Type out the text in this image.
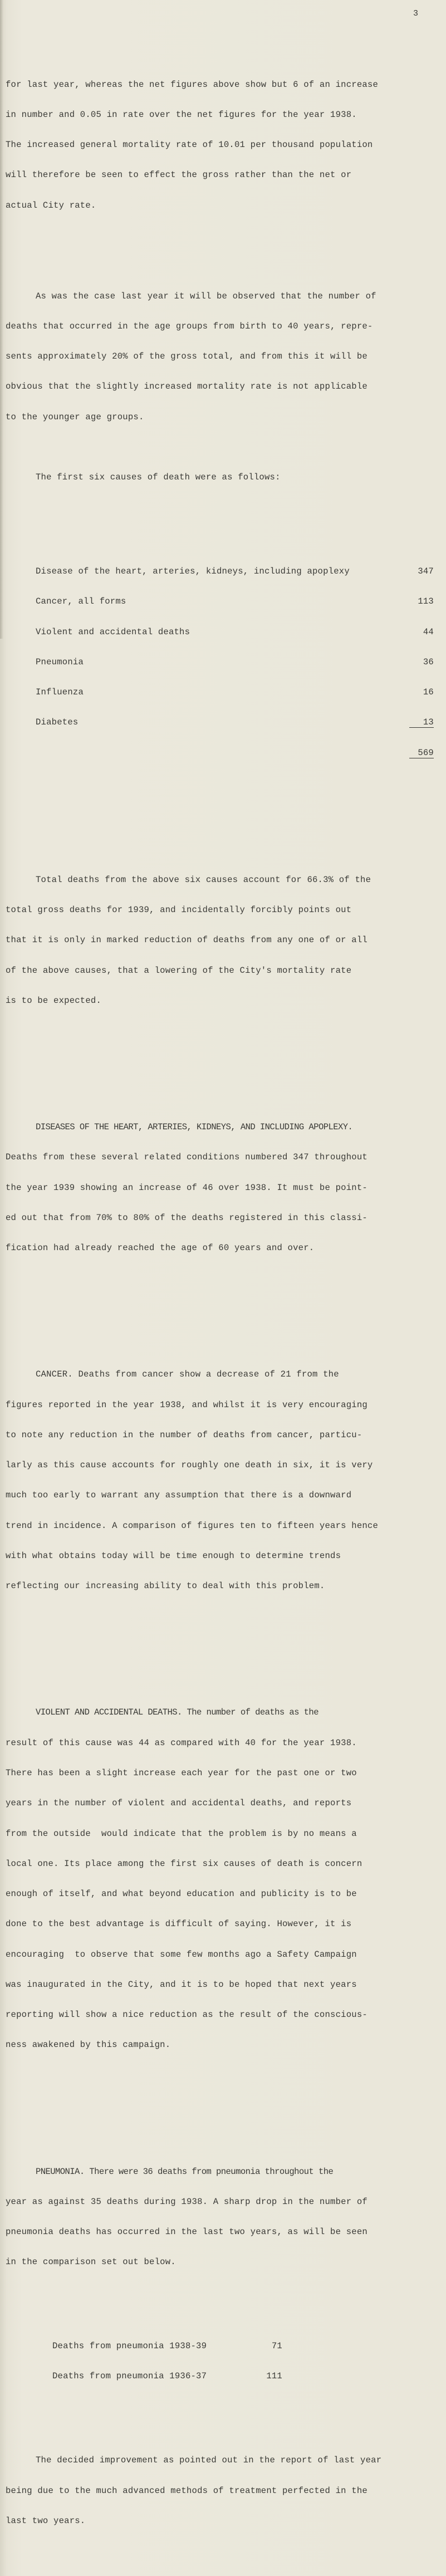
3

for last year, whereas the net figures above show but 6 of an increase

in number and 0.05 in rate over the net figures for the year 1938.

The increased general mortality rate of 10.01 per thousand population

will therefore be seen to effect the gross rather than the net or

actual City rate.

As was the case last year it will be observed that the number of

deaths that occurred in the age groups from birth to 40 years, repre-

sents approximately 20% of the gross total, and from this it will be

obvious that the slightly increased mortality rate is not applicable

to the younger age groups.

The first six causes of death were as follows:

Disease of the heart, arteries, kidneys, including apoplexy	347

Cancer, all forms	113

Violent and accidental deaths	44

Pneumonia	36

Influenza	16

Diabetes	13

569

Total deaths from the above six causes account for 66.3% of the

total gross deaths for 1939, and incidentally forcibly points out

that it is only in marked reduction of deaths from any one of or all

of the above causes, that a lowering of the City's mortality rate

is to be expected.

DISEASES OF THE HEART, ARTERIES, KIDNEYS, AND INCLUDING APOPLEXY.

Deaths from these several related conditions numbered 347 throughout

the year 1939 showing an increase of 46 over 1938. It must be point-

ed out that from 70% to 80% of the deaths registered in this classi-

fication had already reached the age of 60 years and over.

CANCER. Deaths from cancer show a decrease of 21 from the

figures reported in the year 1938, and whilst it is very encouraging

to note any reduction in the number of deaths from cancer, particu-

larly as this cause accounts for roughly one death in six, it is very

much too early to warrant any assumption that there is a downward

trend in incidence. A comparison of figures ten to fifteen years hence

with what obtains today will be time enough to determine trends

reflecting our increasing ability to deal with this problem.

VIOLENT AND ACCIDENTAL DEATHS. The number of deaths as the

result of this cause was 44 as compared with 40 for the year 1938.

There has been a slight increase each year for the past one or two

years in the number of violent and accidental deaths, and reports

from the outside  would indicate that the problem is by no means a

local one. Its place among the first six causes of death is concern

enough of itself, and what beyond education and publicity is to be

done to the best advantage is difficult of saying. However, it is

encouraging  to observe that some few months ago a Safety Campaign

was inaugurated in the City, and it is to be hoped that next years

reporting will show a nice reduction as the result of the conscious-

ness awakened by this campaign.

PNEUMONIA. There were 36 deaths from pneumonia throughout the

year as against 35 deaths during 1938. A sharp drop in the number of

pneumonia deaths has occurred in the last two years, as will be seen

in the comparison set out below.

Deaths from pneumonia 1938-39	71

Deaths from pneumonia 1936-37	111

The decided improvement as pointed out in the report of last year

being due to the much advanced methods of treatment perfected in the

last two years.
